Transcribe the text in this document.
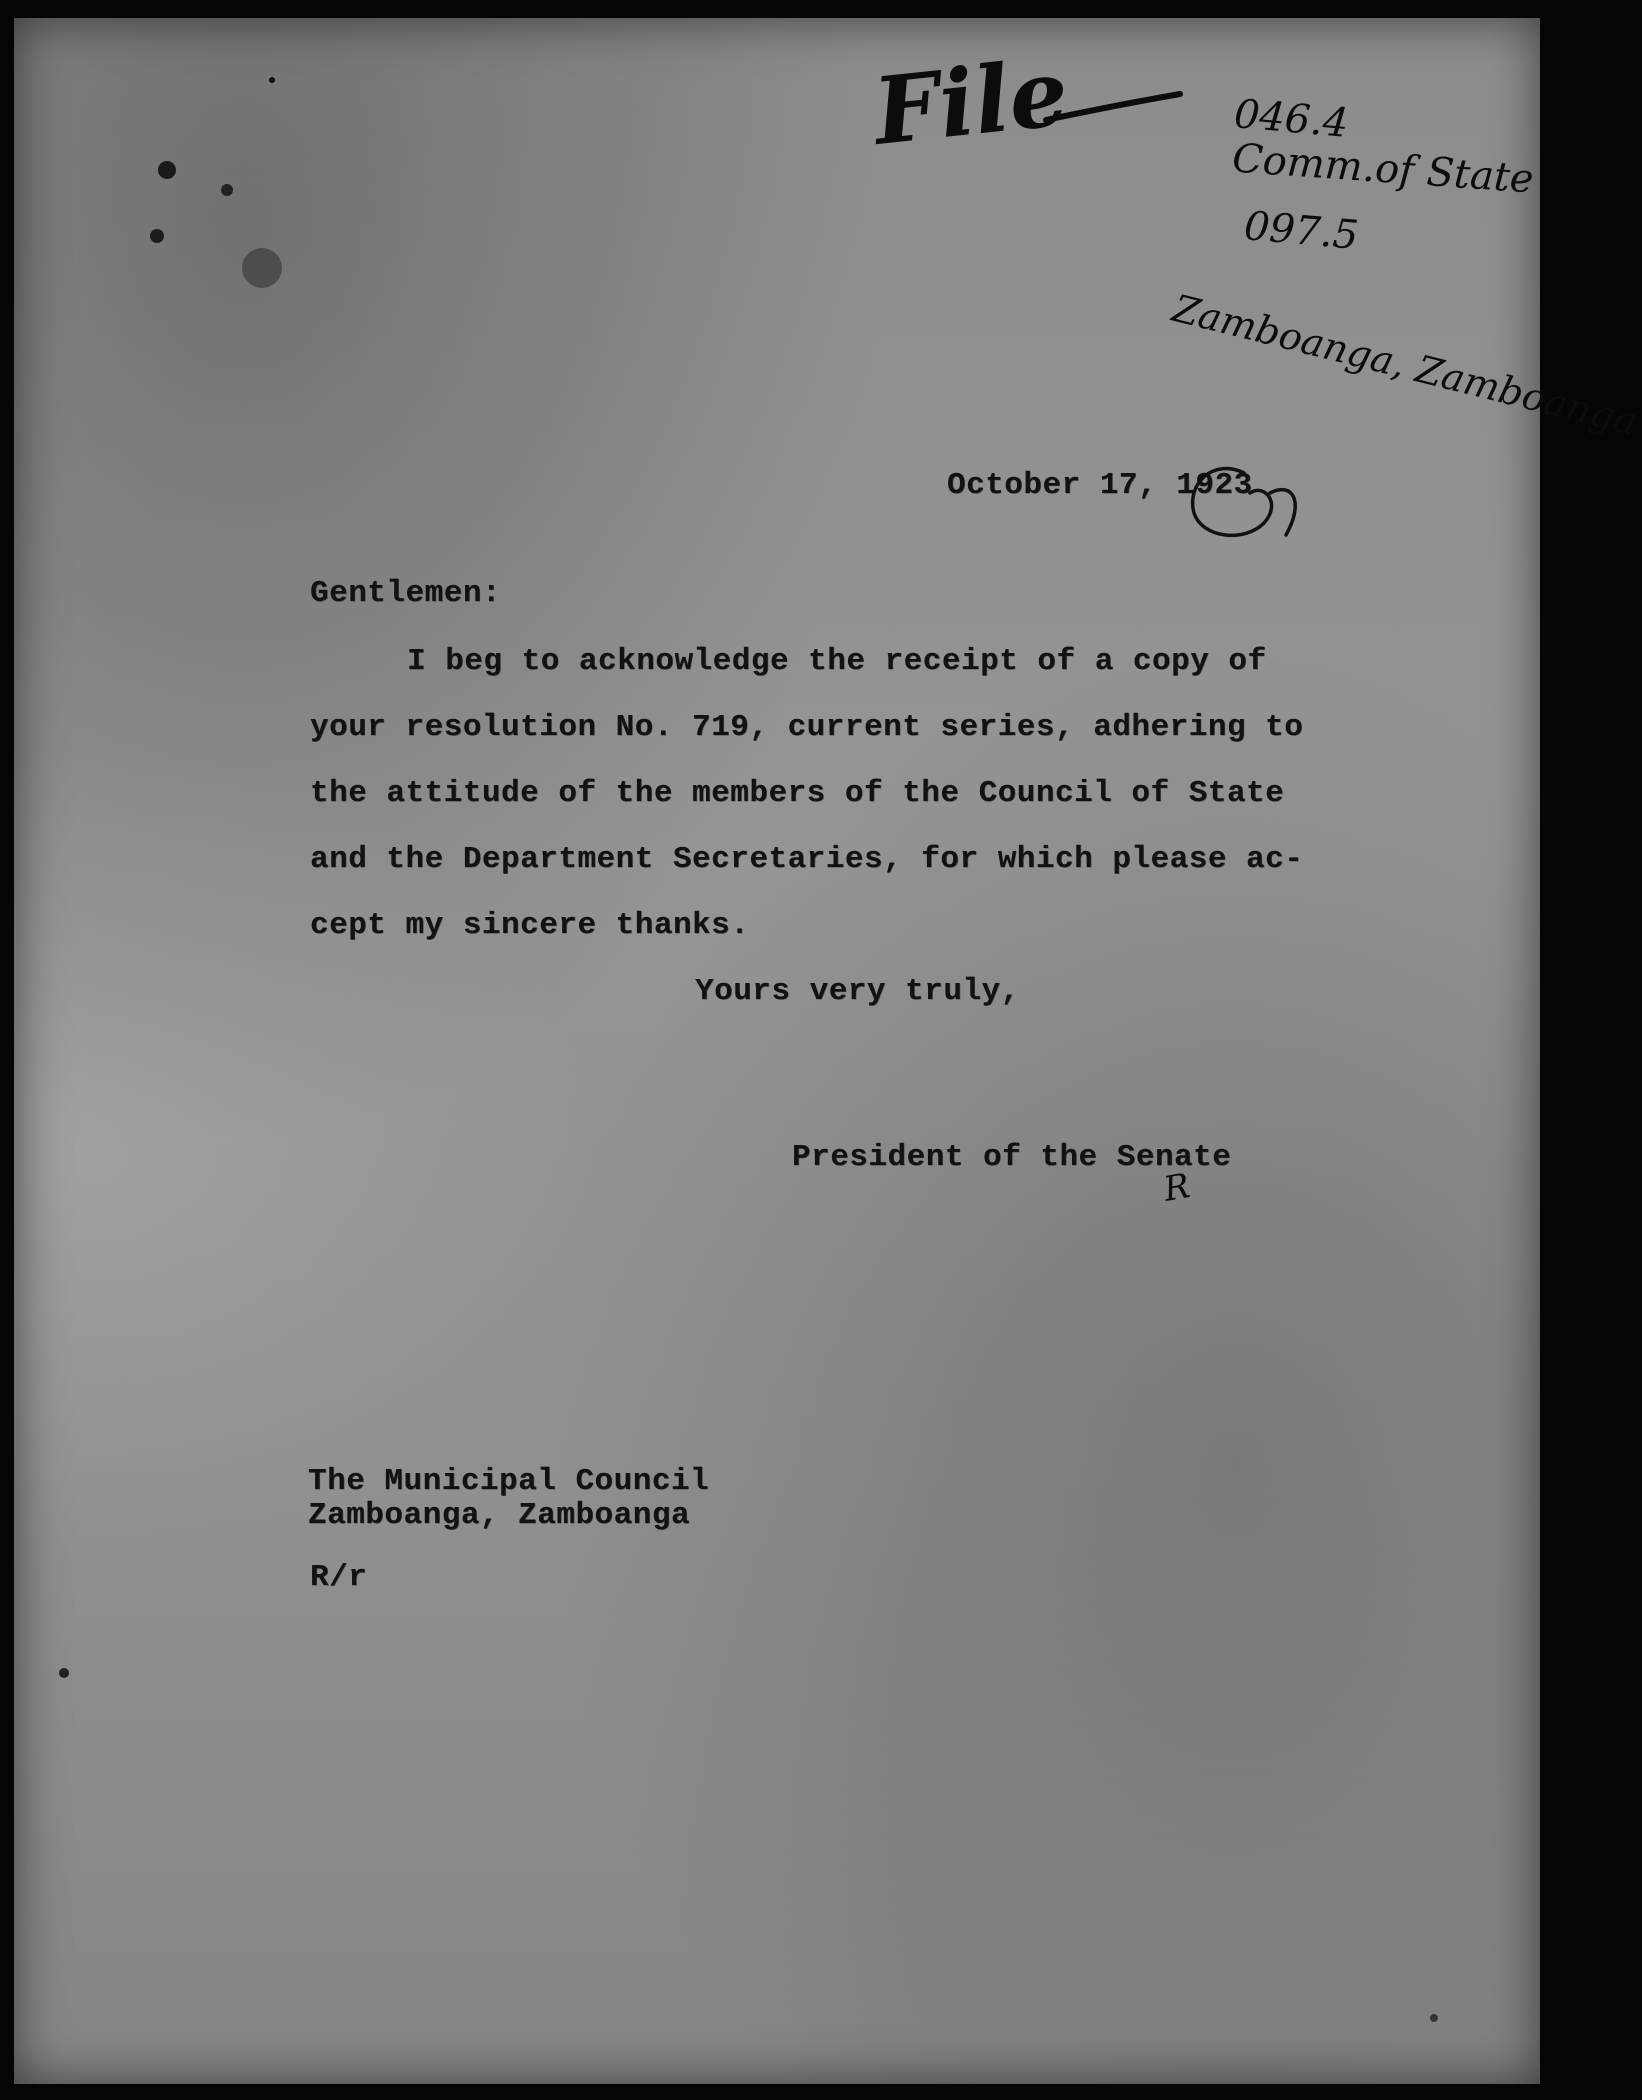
File	046.4
Comm.of State
097.5
Zamboanga, Zamboanga
October 17, 1923
Gentlemen:
I beg to acknowledge the receipt of a copy of
your resolution No. 719, current series, adhering to
the attitude of the members of the Council of State
and the Department Secretaries, for which please ac-
cept my sincere thanks.
Yours very truly,
President of the Senate
R
The Municipal Council
Zamboanga, Zamboanga
R/r
